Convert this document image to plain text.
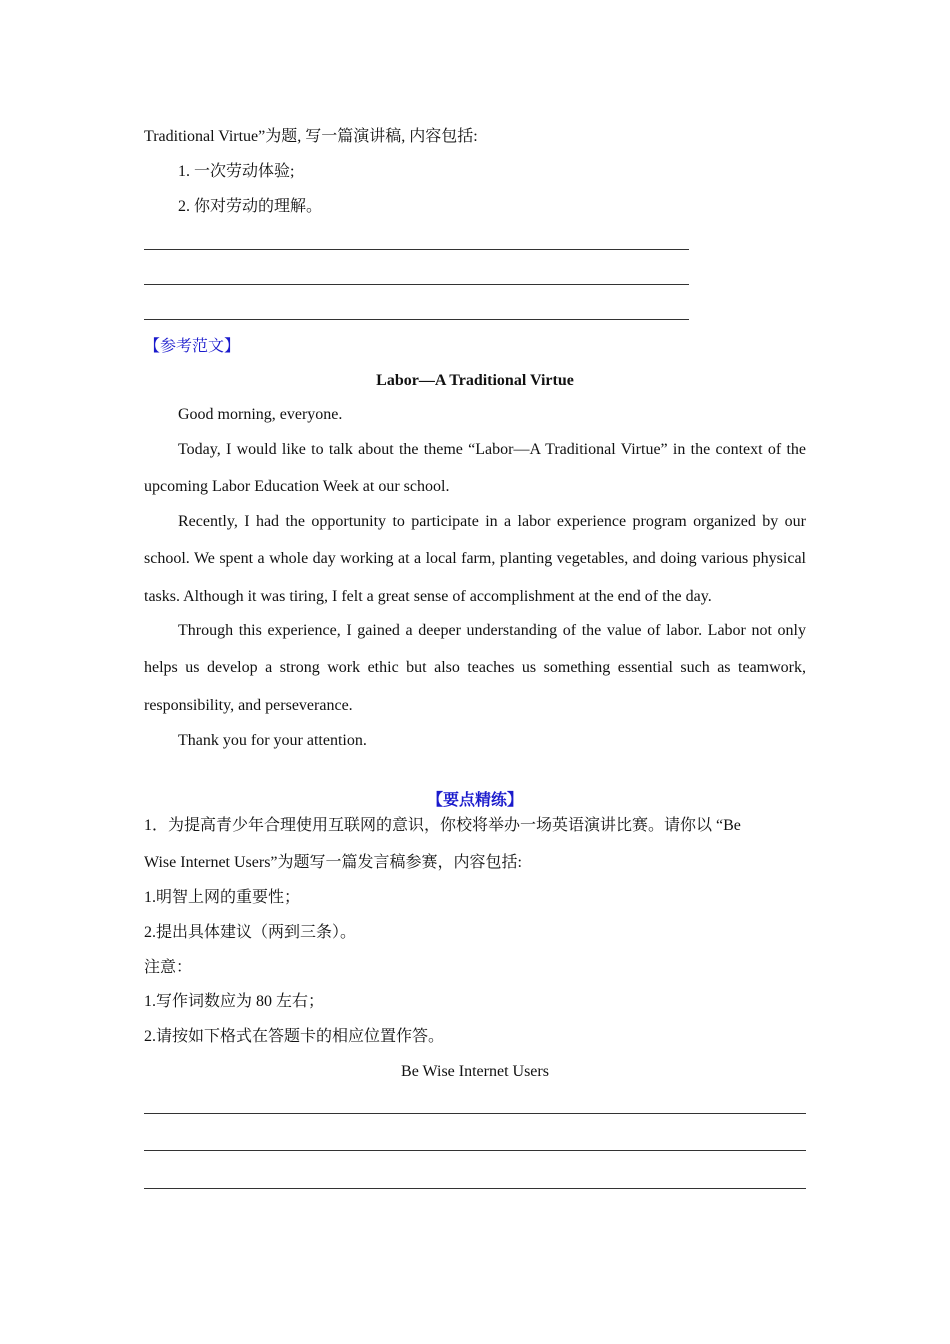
Traditional Virtue”为题, 写一篇演讲稿, 内容包括:
1. 一次劳动体验;
2. 你对劳动的理解。
【参考范文】
Labor—A Traditional Virtue
Good morning, everyone.
Today, I would like to talk about the theme “Labor—A Traditional Virtue” in the context of the upcoming Labor Education Week at our school.
Recently, I had the opportunity to participate in a labor experience program organized by our school. We spent a whole day working at a local farm, planting vegetables, and doing various physical tasks. Although it was tiring, I felt a great sense of accomplishment at the end of the day.
Through this experience, I gained a deeper understanding of the value of labor. Labor not only helps us develop a strong work ethic but also teaches us something essential such as teamwork, responsibility, and perseverance.
Thank you for your attention.
【要点精练】
1．为提高青少年合理使用互联网的意识，你校将举办一场英语演讲比赛。请你以 “Be
Wise Internet Users”为题写一篇发言稿参赛，内容包括:
1.明智上网的重要性；
2.提出具体建议（两到三条）。
注意：
1.写作词数应为 80 左右；
2.请按如下格式在答题卡的相应位置作答。
Be Wise Internet Users
